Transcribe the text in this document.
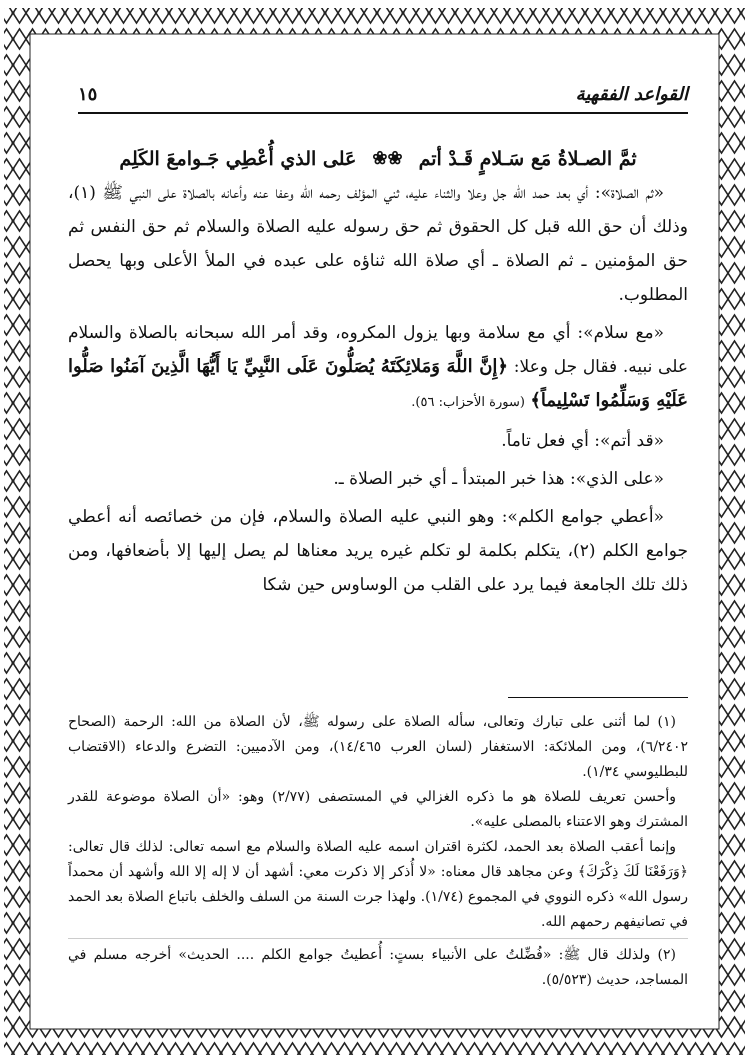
القواعد الفقهية
١٥
ثمَّ الصـلاةُ مَع سَـلامٍ قَـدْ أتم
❀❀
عَلى الذي أُعْطِي جَـوامعَ الكَلِم

«ثم الصلاة»: أي بعد حمد الله جل وعلا والثناء عليه، ثني المؤلف رحمه الله وعفا عنه وأعانه بالصلاة على النبي ﷺ (١)، وذلك أن حق الله قبل كل الحقوق ثم حق رسوله عليه الصلاة والسلام ثم حق النفس ثم حق المؤمنين ـ ثم الصلاة ـ أي صلاة الله ثناؤه على عبده في الملأ الأعلى وبها يحصل المطلوب.

«مع سلام»: أي مع سلامة وبها يزول المكروه، وقد أمر الله سبحانه بالصلاة والسلام على نبيه. فقال جل وعلا: ﴿إِنَّ اللَّهَ وَمَلائِكَتَهُ يُصَلُّونَ عَلَى النَّبِيِّ يَا أَيُّهَا الَّذِينَ آمَنُوا صَلُّوا عَلَيْهِ وَسَلِّمُوا تَسْلِيماً﴾ (سورة الأحزاب: ٥٦).

«قد أتم»: أي فعل تاماً.

«على الذي»: هذا خبر المبتدأ ـ أي خبر الصلاة ـ.

«أعطي جوامع الكلم»: وهو النبي عليه الصلاة والسلام، فإن من خصائصه أنه أعطي جوامع الكلم (٢)، يتكلم بكلمة لو تكلم غيره يريد معناها لم يصل إليها إلا بأضعافها، ومن ذلك تلك الجامعة فيما يرد على القلب من الوساوس حين شكا

(١) لما أثنى على تبارك وتعالى، سأله الصلاة على رسوله ﷺ، لأن الصلاة من الله: الرحمة (الصحاح ٦/٢٤٠٢)، ومن الملائكة: الاستغفار (لسان العرب ١٤/٤٦٥)، ومن الآدميين: التضرع والدعاء (الاقتضاب للبطليوسي ١/٣٤).

وأحسن تعريف للصلاة هو ما ذكره الغزالي في المستصفى (٢/٧٧) وهو: «أن الصلاة موضوعة للقدر المشترك وهو الاعتناء بالمصلى عليه».

وإنما أعقب الصلاة بعد الحمد، لكثرة اقتران اسمه عليه الصلاة والسلام مع اسمه تعالى: لذلك قال تعالى: ﴿وَرَفَعْنَا لَكَ ذِكْرَكَ﴾ وعن مجاهد قال معناه: «لا أُذكر إلا ذكرت معي: أشهد أن لا إله إلا الله وأشهد أن محمداً رسول الله» ذكره النووي في المجموع (١/٧٤). ولهذا جرت السنة من السلف والخلف باتباع الصلاة بعد الحمد في تصانيفهم رحمهم الله.

(٢) ولذلك قال ﷺ: «فُضِّلتُ على الأنبياء بستٍ: أُعطيتُ جوامع الكلم .... الحديث» أخرجه مسلم في المساجد، حديث (٥/٥٢٣).
